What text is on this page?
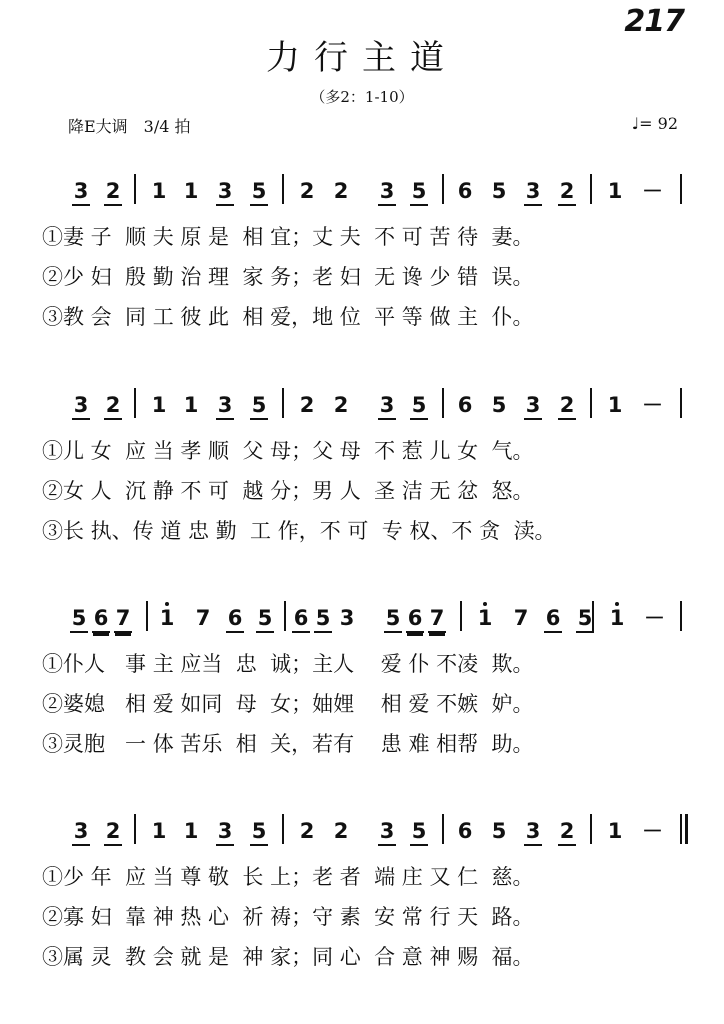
217
力行主道
（多2：1-10）
降E大调　3/4 拍	♩= 92
3 2 1 1 3 5 2 2 3 5 6 5 3 2 1 －
①妻 子  顺 夫 原 是  相 宜；丈 夫  不 可 苦 待  妻。
②少 妇  殷 勤 治 理  家 务；老 妇  无 谗 少 错  误。
③教 会  同 工 彼 此  相 爱，地 位  平 等 做 主  仆。
3 2 1 1 3 5 2 2 3 5 6 5 3 2 1 －
①儿 女  应 当 孝 顺  父 母；父 母  不 惹 儿 女  气。
②女 人  沉 静 不 可  越 分；男 人  圣 洁 无 忿  怒。
③长 执、传 道 忠 勤  工 作，不 可  专 权、不 贪  渎。
5 6 7 1 7 6 5 6 5 3 5 6 7 1 7 6 5 1 －
①仆人   事 主 应当  忠  诚；主人    爱 仆 不凌  欺。
②婆媳   相 爱 如同  母  女；妯娌    相 爱 不嫉  妒。
③灵胞   一 体 苦乐  相  关，若有    患 难 相帮  助。
3 2 1 1 3 5 2 2 3 5 6 5 3 2 1 －
①少 年  应 当 尊 敬  长 上；老 者  端 庄 又 仁  慈。
②寡 妇  靠 神 热 心  祈 祷；守 素  安 常 行 天  路。
③属 灵  教 会 就 是  神 家；同 心  合 意 神 赐  福。
